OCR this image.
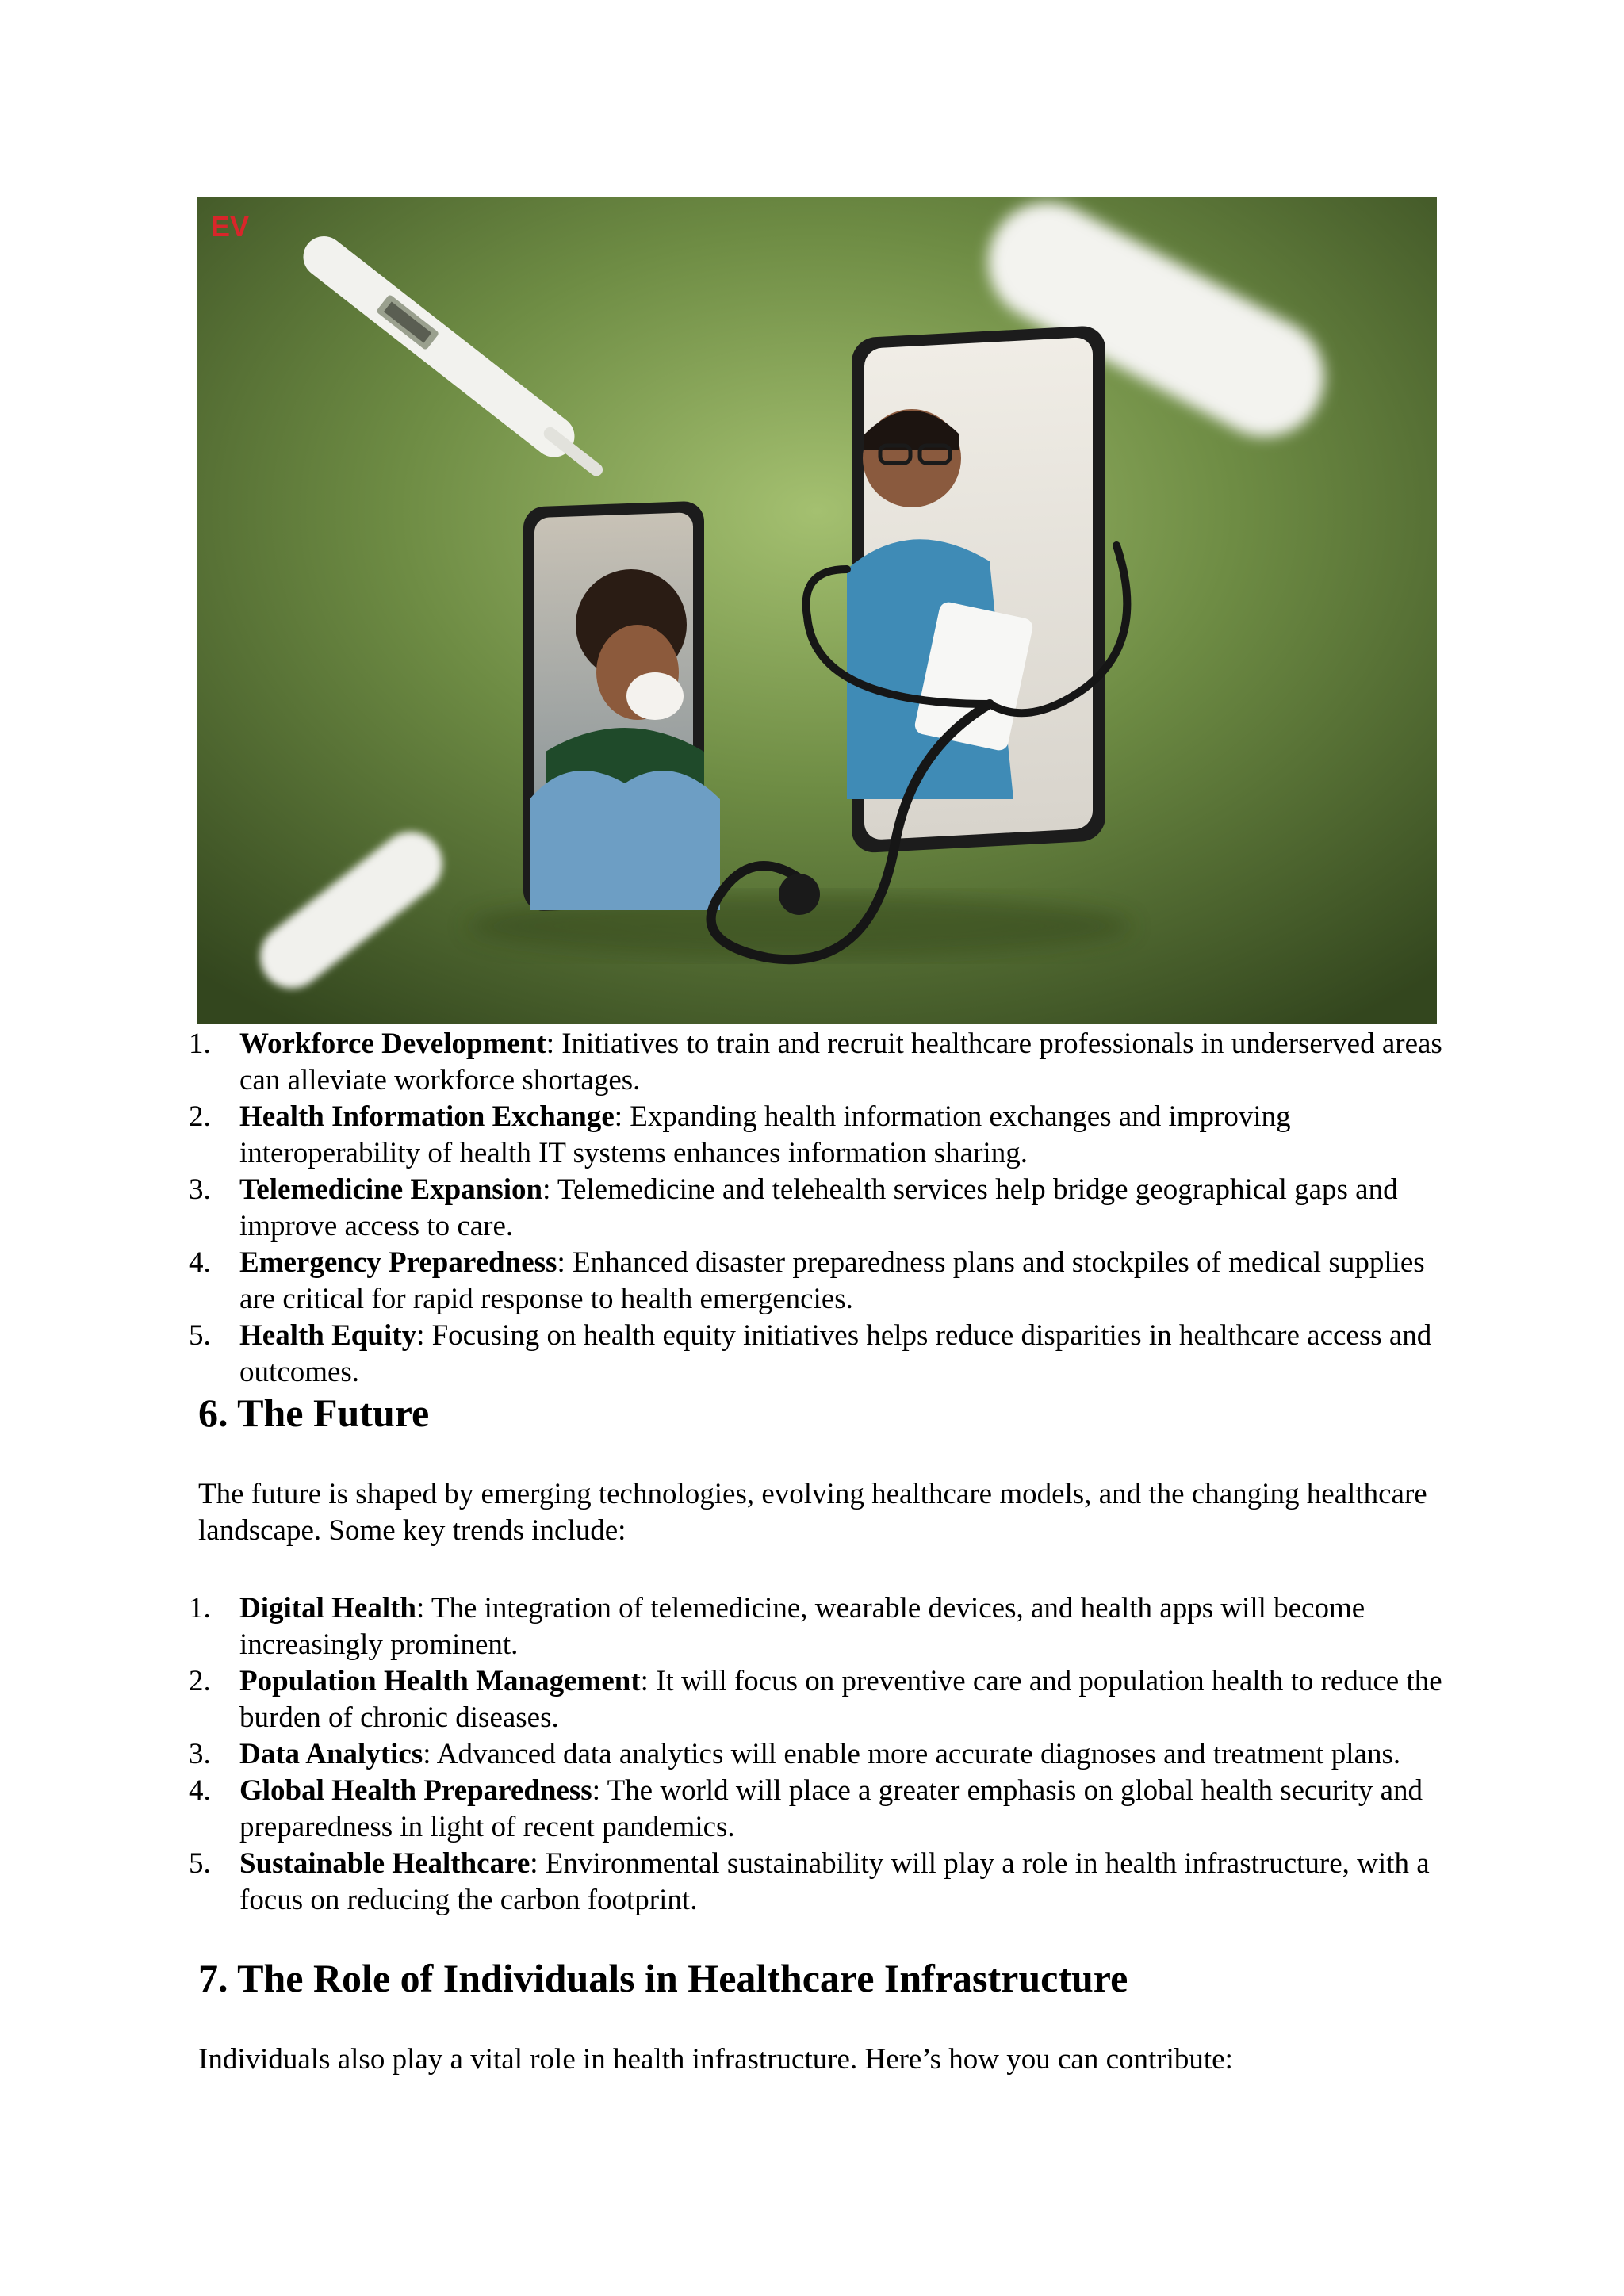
EV
1. Workforce Development: Initiatives to train and recruit healthcare professionals in underserved areas can alleviate workforce shortages.
2. Health Information Exchange: Expanding health information exchanges and improving interoperability of health IT systems enhances information sharing.
3. Telemedicine Expansion: Telemedicine and telehealth services help bridge geographical gaps and improve access to care.
4. Emergency Preparedness: Enhanced disaster preparedness plans and stockpiles of medical supplies are critical for rapid response to health emergencies.
5. Health Equity: Focusing on health equity initiatives helps reduce disparities in healthcare access and outcomes.
6. The Future

The future is shaped by emerging technologies, evolving healthcare models, and the changing healthcare landscape. Some key trends include:

1. Digital Health: The integration of telemedicine, wearable devices, and health apps will become increasingly prominent.
2. Population Health Management: It will focus on preventive care and population health to reduce the burden of chronic diseases.
3. Data Analytics: Advanced data analytics will enable more accurate diagnoses and treatment plans.
4. Global Health Preparedness: The world will place a greater emphasis on global health security and preparedness in light of recent pandemics.
5. Sustainable Healthcare: Environmental sustainability will play a role in health infrastructure, with a focus on reducing the carbon footprint.
7. The Role of Individuals in Healthcare Infrastructure

Individuals also play a vital role in health infrastructure. Here’s how you can contribute:
